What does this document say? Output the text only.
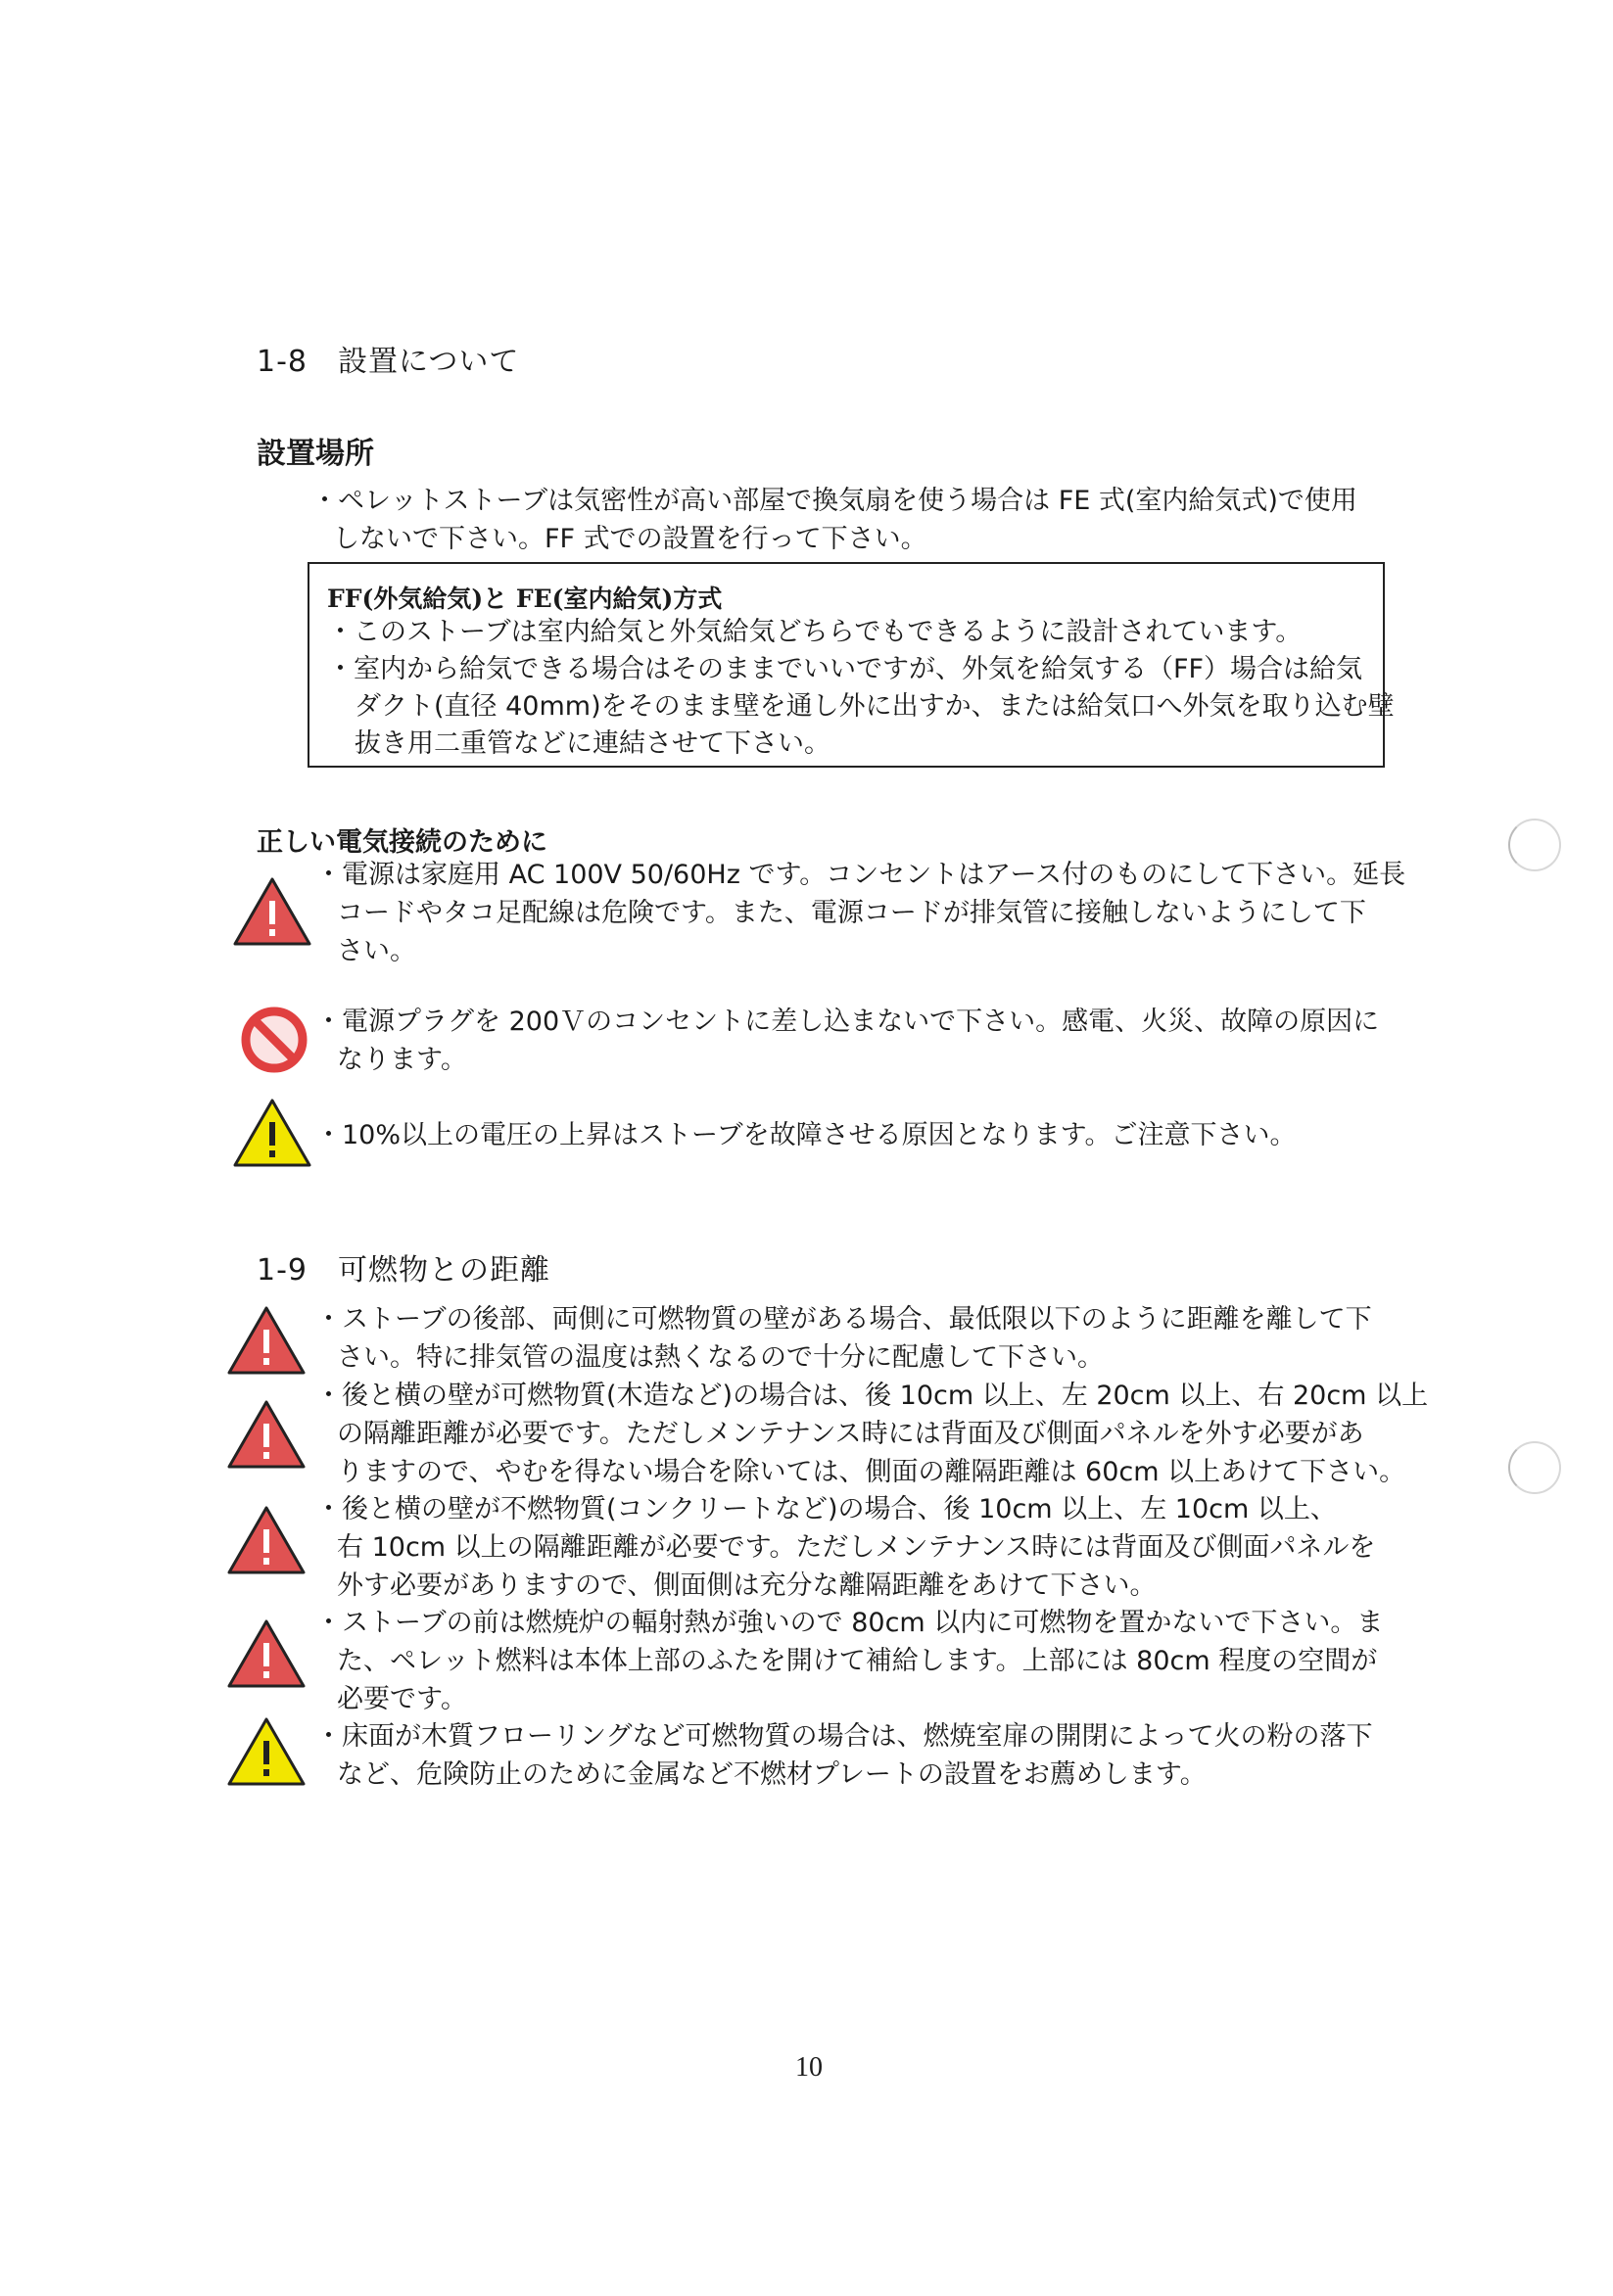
1-8　設置について
設置場所
・ペレットストーブは気密性が高い部屋で換気扇を使う場合は FE 式(室内給気式)で使用
しないで下さい。FF 式での設置を行って下さい。
FF(外気給気)と FE(室内給気)方式
・このストーブは室内給気と外気給気どちらでもできるように設計されています。
・室内から給気できる場合はそのままでいいですが、外気を給気する（FF）場合は給気
ダクト(直径 40mm)をそのまま壁を通し外に出すか、または給気口へ外気を取り込む壁
抜き用二重管などに連結させて下さい。
正しい電気接続のために
・電源は家庭用 AC 100V 50/60Hz です。コンセントはアース付のものにして下さい。延長
コードやタコ足配線は危険です。また、電源コードが排気管に接触しないようにして下
さい。
・電源プラグを 200Ｖのコンセントに差し込まないで下さい。感電、火災、故障の原因に
なります。
・10%以上の電圧の上昇はストーブを故障させる原因となります。ご注意下さい。
1-9　可燃物との距離
・ストーブの後部、両側に可燃物質の壁がある場合、最低限以下のように距離を離して下
さい。特に排気管の温度は熱くなるので十分に配慮して下さい。
・後と横の壁が可燃物質(木造など)の場合は、後 10cm 以上、左 20cm 以上、右 20cm 以上
の隔離距離が必要です。ただしメンテナンス時には背面及び側面パネルを外す必要があ
りますので、やむを得ない場合を除いては、側面の離隔距離は 60cm 以上あけて下さい。
・後と横の壁が不燃物質(コンクリートなど)の場合、後 10cm 以上、左 10cm 以上、
右 10cm 以上の隔離距離が必要です。ただしメンテナンス時には背面及び側面パネルを
外す必要がありますので、側面側は充分な離隔距離をあけて下さい。
・ストーブの前は燃焼炉の輻射熱が強いので 80cm 以内に可燃物を置かないで下さい。ま
た、ペレット燃料は本体上部のふたを開けて補給します。上部には 80cm 程度の空間が
必要です。
・床面が木質フローリングなど可燃物質の場合は、燃焼室扉の開閉によって火の粉の落下
など、危険防止のために金属など不燃材プレートの設置をお薦めします。
10
